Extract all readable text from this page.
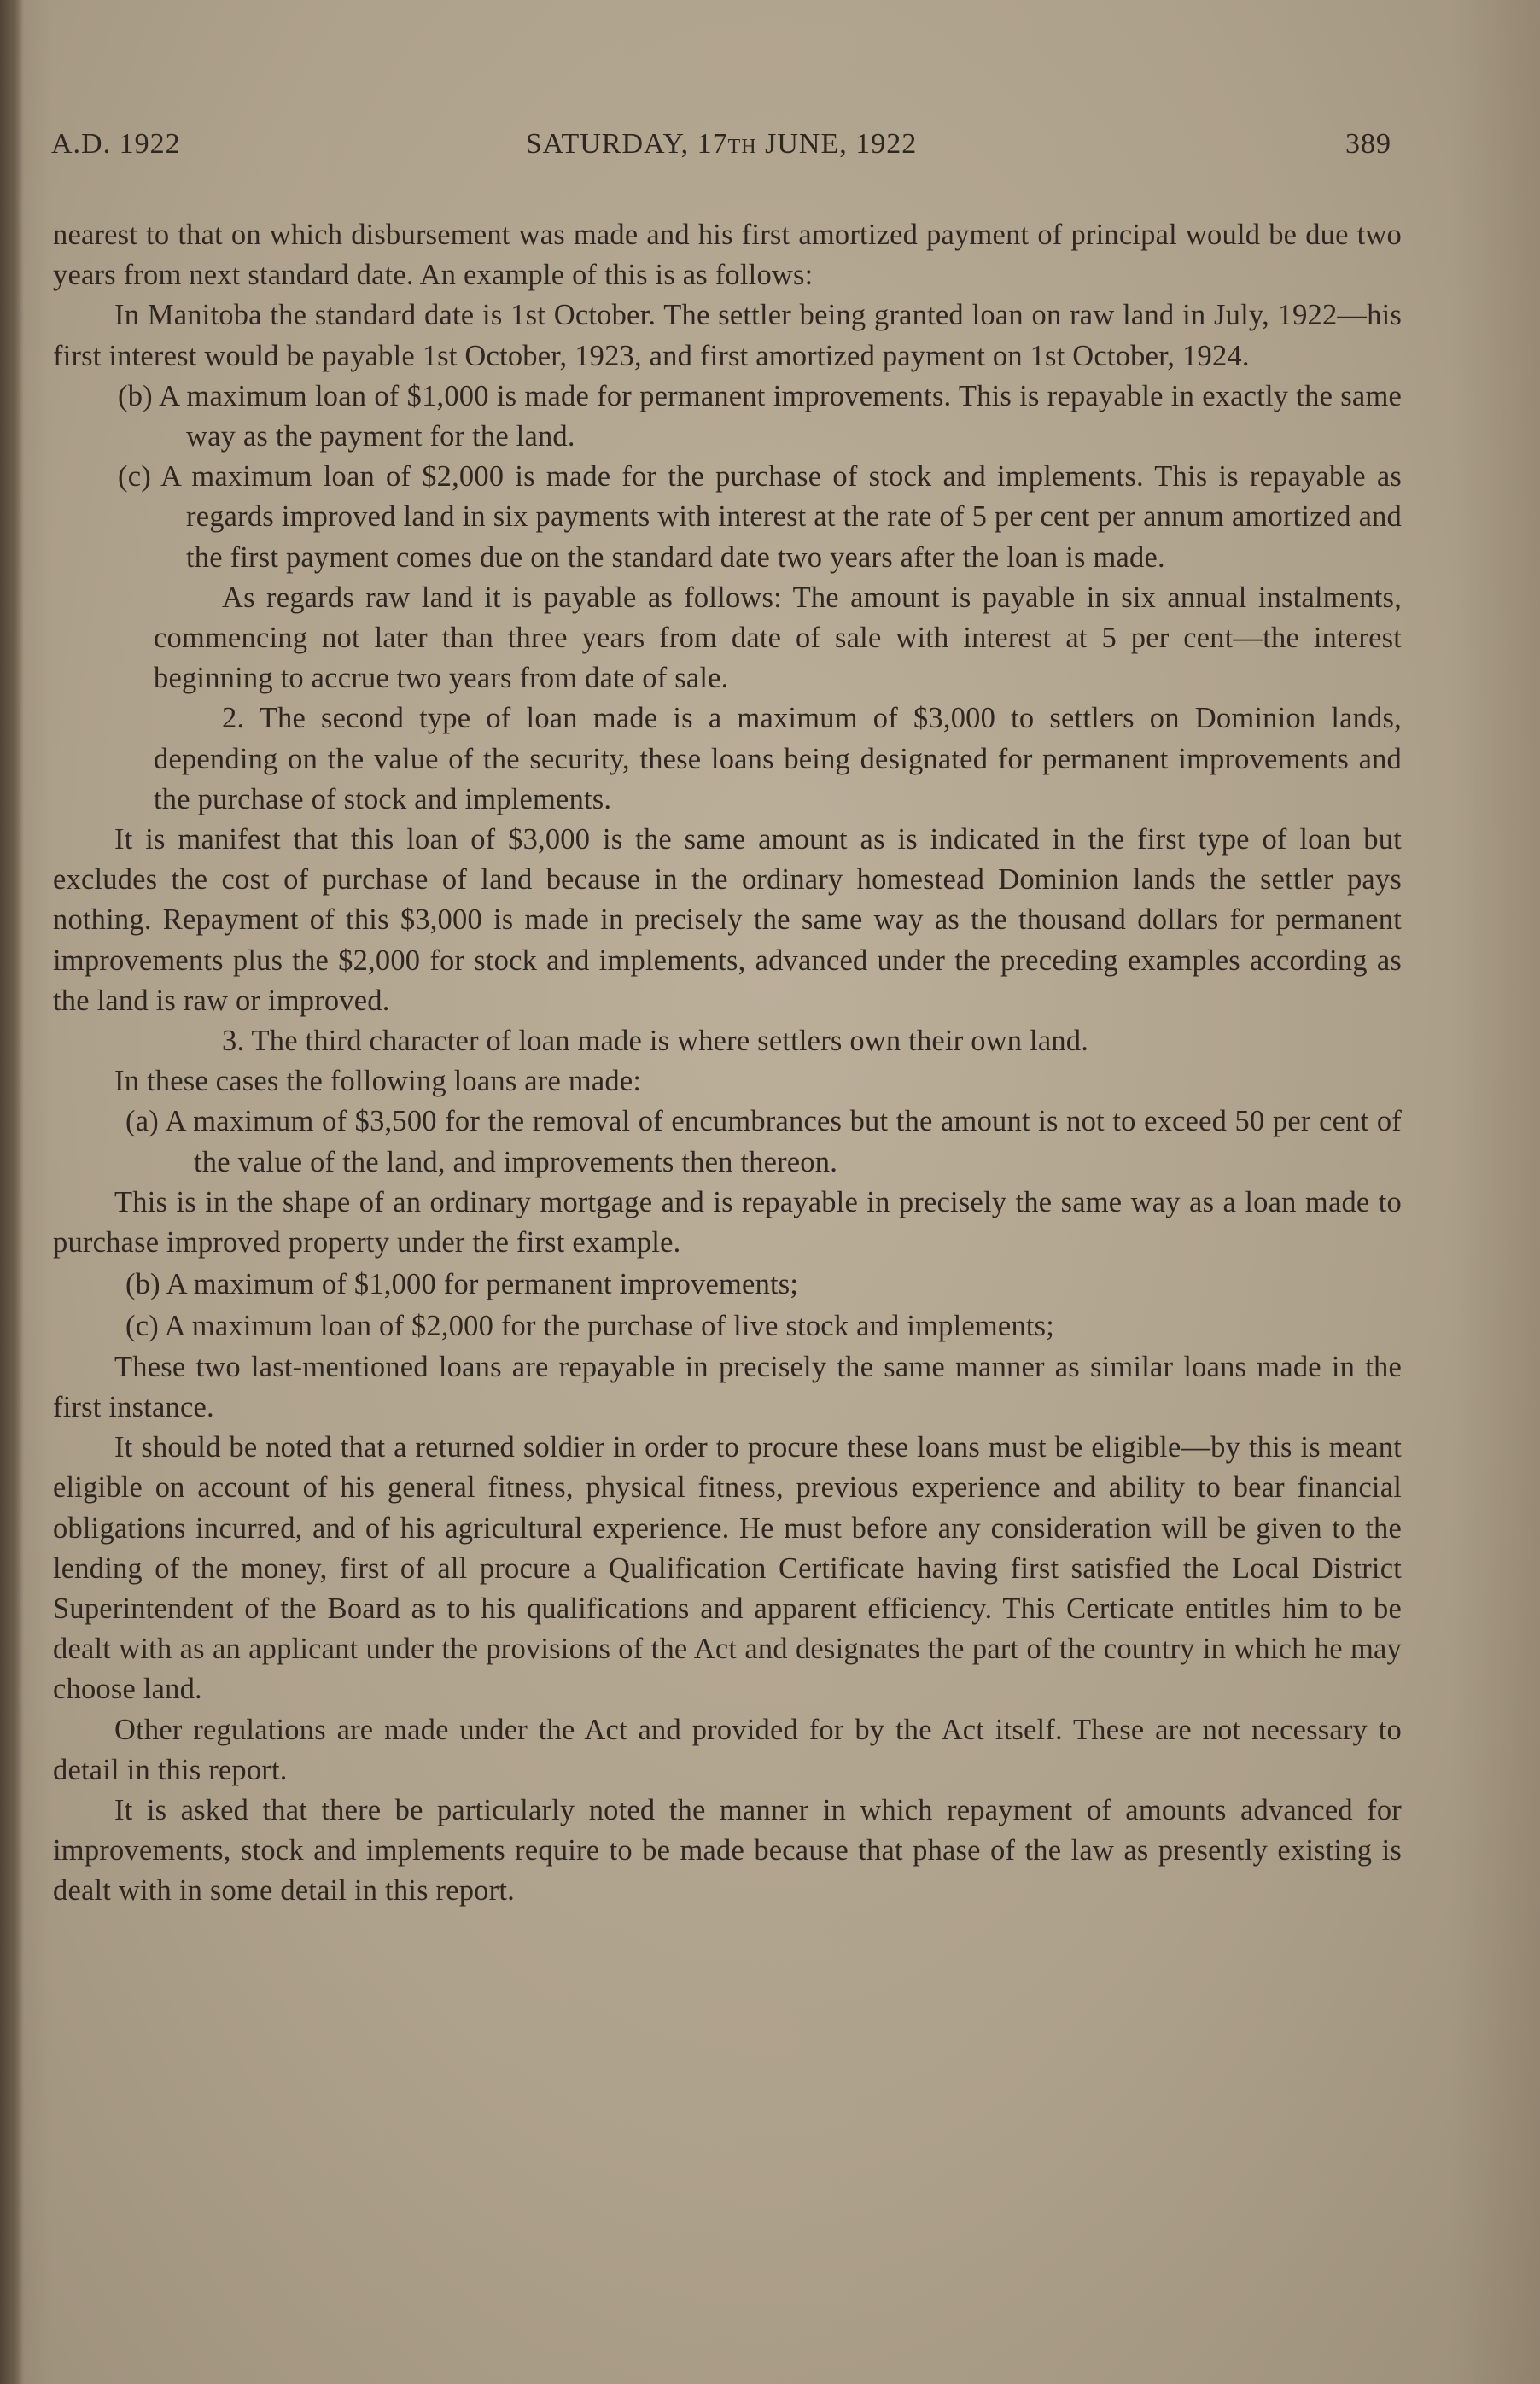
A.D. 1922	SATURDAY, 17TH JUNE, 1922	389

nearest to that on which disbursement was made and his first amortized payment of principal would be due two years from next standard date. An example of this is as follows:

In Manitoba the standard date is 1st October. The settler being granted loan on raw land in July, 1922—his first interest would be payable 1st October, 1923, and first amortized payment on 1st October, 1924.

(b) A maximum loan of $1,000 is made for permanent improvements. This is repayable in exactly the same way as the payment for the land.

(c) A maximum loan of $2,000 is made for the purchase of stock and implements. This is repayable as regards improved land in six payments with interest at the rate of 5 per cent per annum amortized and the first payment comes due on the standard date two years after the loan is made.

As regards raw land it is payable as follows: The amount is payable in six annual instalments, commencing not later than three years from date of sale with interest at 5 per cent—the interest beginning to accrue two years from date of sale.

2. The second type of loan made is a maximum of $3,000 to settlers on Dominion lands, depending on the value of the security, these loans being designated for permanent improvements and the purchase of stock and implements.

It is manifest that this loan of $3,000 is the same amount as is indicated in the first type of loan but excludes the cost of purchase of land because in the ordinary homestead Dominion lands the settler pays nothing. Repayment of this $3,000 is made in precisely the same way as the thousand dollars for permanent improvements plus the $2,000 for stock and implements, advanced under the preceding examples according as the land is raw or improved.

3. The third character of loan made is where settlers own their own land.

In these cases the following loans are made:

(a) A maximum of $3,500 for the removal of encumbrances but the amount is not to exceed 50 per cent of the value of the land, and improvements then thereon.

This is in the shape of an ordinary mortgage and is repayable in precisely the same way as a loan made to purchase improved property under the first example.

(b) A maximum of $1,000 for permanent improvements;

(c) A maximum loan of $2,000 for the purchase of live stock and implements;

These two last-mentioned loans are repayable in precisely the same manner as similar loans made in the first instance.

It should be noted that a returned soldier in order to procure these loans must be eligible—by this is meant eligible on account of his general fitness, physical fitness, previous experience and ability to bear financial obligations incurred, and of his agricultural experience. He must before any consideration will be given to the lending of the money, first of all procure a Qualification Certificate having first satisfied the Local District Superintendent of the Board as to his qualifications and apparent efficiency. This Certicate entitles him to be dealt with as an applicant under the provisions of the Act and designates the part of the country in which he may choose land.

Other regulations are made under the Act and provided for by the Act itself. These are not necessary to detail in this report.

It is asked that there be particularly noted the manner in which repayment of amounts advanced for improvements, stock and implements require to be made because that phase of the law as presently existing is dealt with in some detail in this report.
